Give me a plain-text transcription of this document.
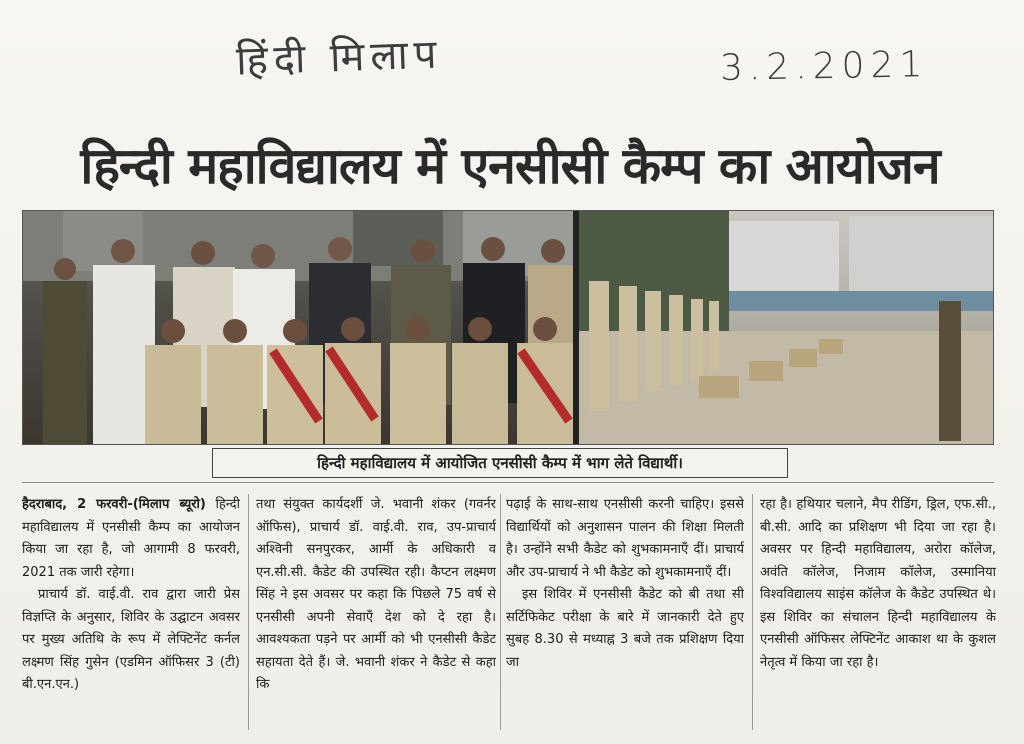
हिंदी मिलाप	3.2.2021
हिन्दी महाविद्यालय में एनसीसी कैम्प का आयोजन
हिन्दी महाविद्यालय में आयोजित एनसीसी कैम्प में भाग लेते विद्यार्थी।

हैदराबाद, 2 फरवरी-(मिलाप ब्यूरो) हिन्दी महाविद्यालय में एनसीसी कैम्प का आयोजन किया जा रहा है, जो आगामी 8 फरवरी, 2021 तक जारी रहेगा।

प्राचार्य डॉ. वाई.वी. राव द्वारा जारी प्रेस विज्ञप्ति के अनुसार, शिविर के उद्घाटन अवसर पर मुख्य अतिथि के रूप में लेफ्टिनेंट कर्नल लक्ष्मण सिंह गुसेन (एडमिन ऑफिसर 3 (टी) बी.एन.एन.)

तथा संयुक्त कार्यदर्शी जे. भवानी शंकर (गवर्नर ऑफिस), प्राचार्य डॉ. वाई.वी. राव, उप-प्राचार्य अश्विनी सनपुरकर, आर्मी के अधिकारी व एन.सी.सी. कैडेट की उपस्थित रही। कैप्टन लक्ष्मण सिंह ने इस अवसर पर कहा कि पिछले 75 वर्ष से एनसीसी अपनी सेवाएँ देश को दे रहा है। आवश्यकता पड़ने पर आर्मी को भी एनसीसी कैडेट सहायता देते हैं। जे. भवानी शंकर ने कैडेट से कहा कि

पढ़ाई के साथ-साथ एनसीसी करनी चाहिए। इससे विद्यार्थियों को अनुशासन पालन की शिक्षा मिलती है। उन्होंने सभी कैडेट को शुभकामनाएँ दीं। प्राचार्य और उप-प्राचार्य ने भी कैडेट को शुभकामनाएँ दीं।

इस शिविर में एनसीसी कैडेट को बी तथा सी सर्टिफिकेट परीक्षा के बारे में जानकारी देते हुए सुबह 8.30 से मध्याह्न 3 बजे तक प्रशिक्षण दिया जा

रहा है। हथियार चलाने, मैप रीडिंग, ड्रिल, एफ.सी., बी.सी. आदि का प्रशिक्षण भी दिया जा रहा है। अवसर पर हिन्दी महाविद्यालय, अरोरा कॉलेज, अवंति कॉलेज, निजाम कॉलेज, उस्मानिया विश्वविद्यालय साइंस कॉलेज के कैडेट उपस्थित थे। इस शिविर का संचालन हिन्दी महाविद्यालय के एनसीसी ऑफिसर लेफ्टिनेंट आकाश था के कुशल नेतृत्व में किया जा रहा है।
